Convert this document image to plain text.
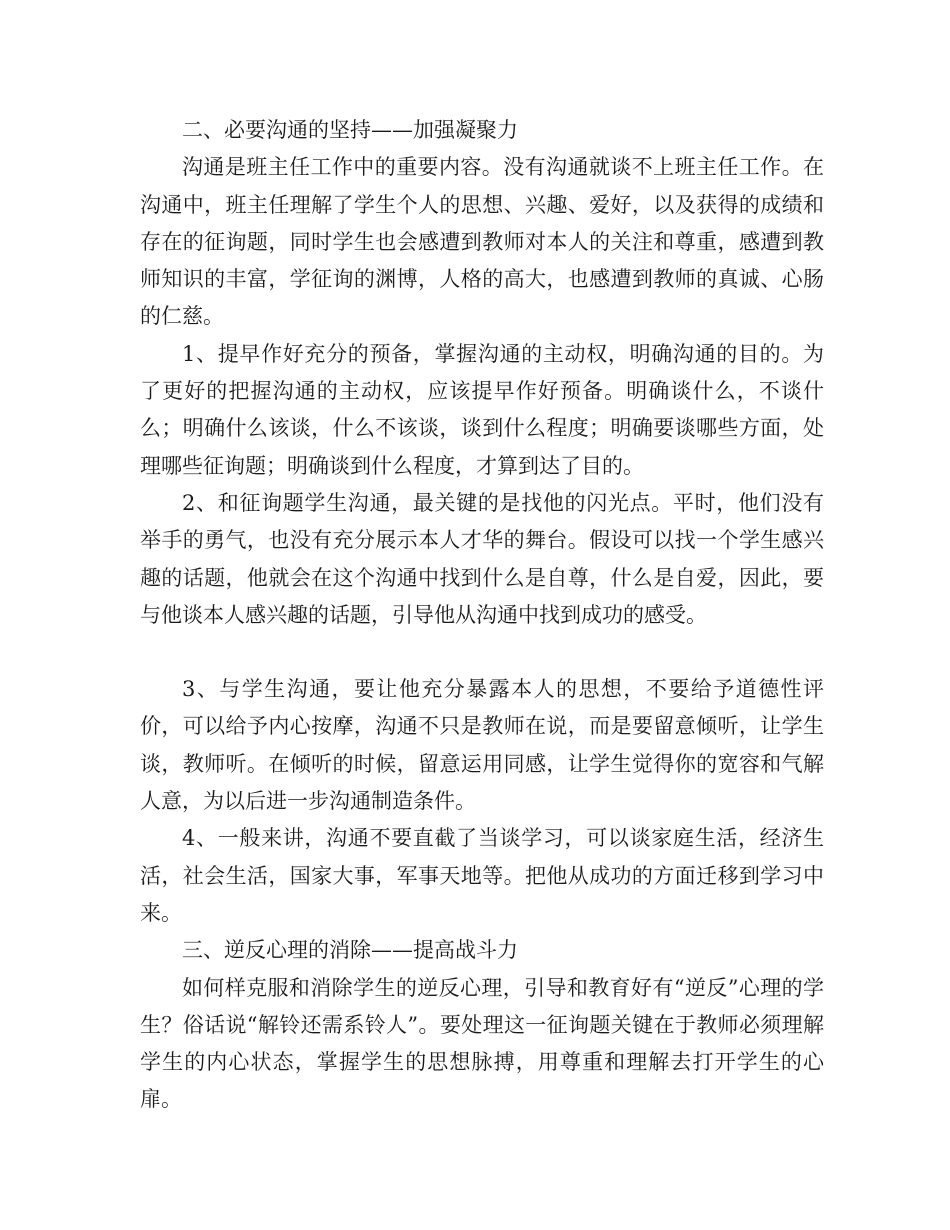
二、必要沟通的坚持——加强凝聚力

沟通是班主任工作中的重要内容。没有沟通就谈不上班主任工作。在沟通中，班主任理解了学生个人的思想、兴趣、爱好，以及获得的成绩和存在的征询题，同时学生也会感遭到教师对本人的关注和尊重，感遭到教师知识的丰富，学征询的渊博，人格的高大，也感遭到教师的真诚、心肠的仁慈。

1、提早作好充分的预备，掌握沟通的主动权，明确沟通的目的。为了更好的把握沟通的主动权，应该提早作好预备。明确谈什么，不谈什么；明确什么该谈，什么不该谈，谈到什么程度；明确要谈哪些方面，处理哪些征询题；明确谈到什么程度，才算到达了目的。

2、和征询题学生沟通，最关键的是找他的闪光点。平时，他们没有举手的勇气，也没有充分展示本人才华的舞台。假设可以找一个学生感兴趣的话题，他就会在这个沟通中找到什么是自尊，什么是自爱，因此，要与他谈本人感兴趣的话题，引导他从沟通中找到成功的感受。

3、与学生沟通，要让他充分暴露本人的思想，不要给予道德性评价，可以给予内心按摩，沟通不只是教师在说，而是要留意倾听，让学生谈，教师听。在倾听的时候，留意运用同感，让学生觉得你的宽容和气解人意，为以后进一步沟通制造条件。

4、一般来讲，沟通不要直截了当谈学习，可以谈家庭生活，经济生活，社会生活，国家大事，军事天地等。把他从成功的方面迁移到学习中来。

三、逆反心理的消除——提高战斗力

如何样克服和消除学生的逆反心理，引导和教育好有“逆反”心理的学生？俗话说“解铃还需系铃人”。要处理这一征询题关键在于教师必须理解学生的内心状态，掌握学生的思想脉搏，用尊重和理解去打开学生的心扉。
